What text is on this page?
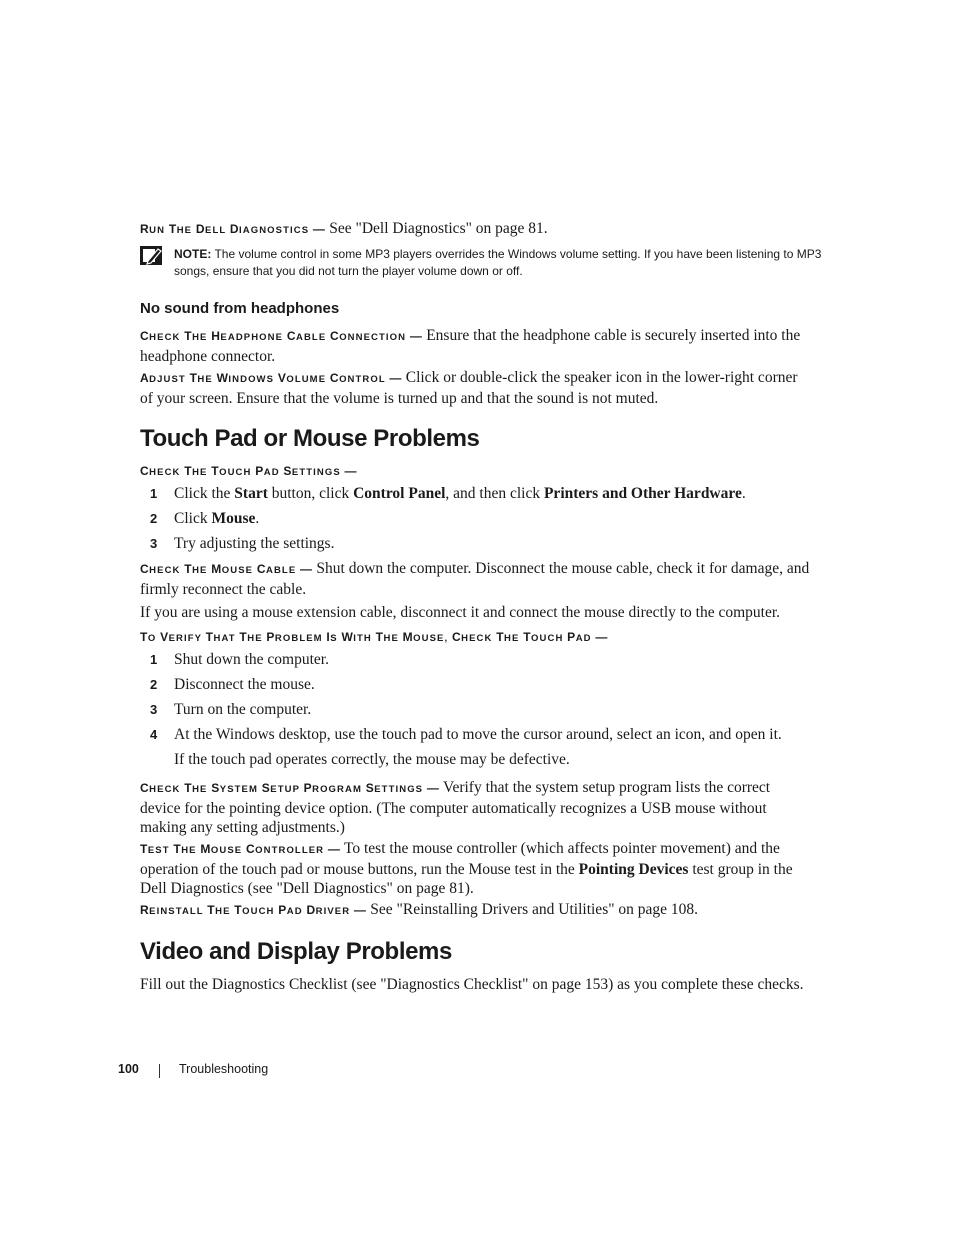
RUN THE DELL DIAGNOSTICS — See "Dell Diagnostics" on page 81.
NOTE: The volume control in some MP3 players overrides the Windows volume setting. If you have been listening to MP3 songs, ensure that you did not turn the player volume down or off.
No sound from headphones
CHECK THE HEADPHONE CABLE CONNECTION — Ensure that the headphone cable is securely inserted into the headphone connector.
ADJUST THE WINDOWS VOLUME CONTROL — Click or double-click the speaker icon in the lower-right corner of your screen. Ensure that the volume is turned up and that the sound is not muted.
Touch Pad or Mouse Problems
CHECK THE TOUCH PAD SETTINGS —
1 Click the Start button, click Control Panel, and then click Printers and Other Hardware.
2 Click Mouse.
3 Try adjusting the settings.
CHECK THE MOUSE CABLE — Shut down the computer. Disconnect the mouse cable, check it for damage, and firmly reconnect the cable.
If you are using a mouse extension cable, disconnect it and connect the mouse directly to the computer.
TO VERIFY THAT THE PROBLEM IS WITH THE MOUSE, CHECK THE TOUCH PAD —
1 Shut down the computer.
2 Disconnect the mouse.
3 Turn on the computer.
4 At the Windows desktop, use the touch pad to move the cursor around, select an icon, and open it.
If the touch pad operates correctly, the mouse may be defective.
CHECK THE SYSTEM SETUP PROGRAM SETTINGS — Verify that the system setup program lists the correct device for the pointing device option. (The computer automatically recognizes a USB mouse without making any setting adjustments.)
TEST THE MOUSE CONTROLLER — To test the mouse controller (which affects pointer movement) and the operation of the touch pad or mouse buttons, run the Mouse test in the Pointing Devices test group in the Dell Diagnostics (see "Dell Diagnostics" on page 81).
REINSTALL THE TOUCH PAD DRIVER — See "Reinstalling Drivers and Utilities" on page 108.
Video and Display Problems
Fill out the Diagnostics Checklist (see "Diagnostics Checklist" on page 153) as you complete these checks.
100	Troubleshooting
